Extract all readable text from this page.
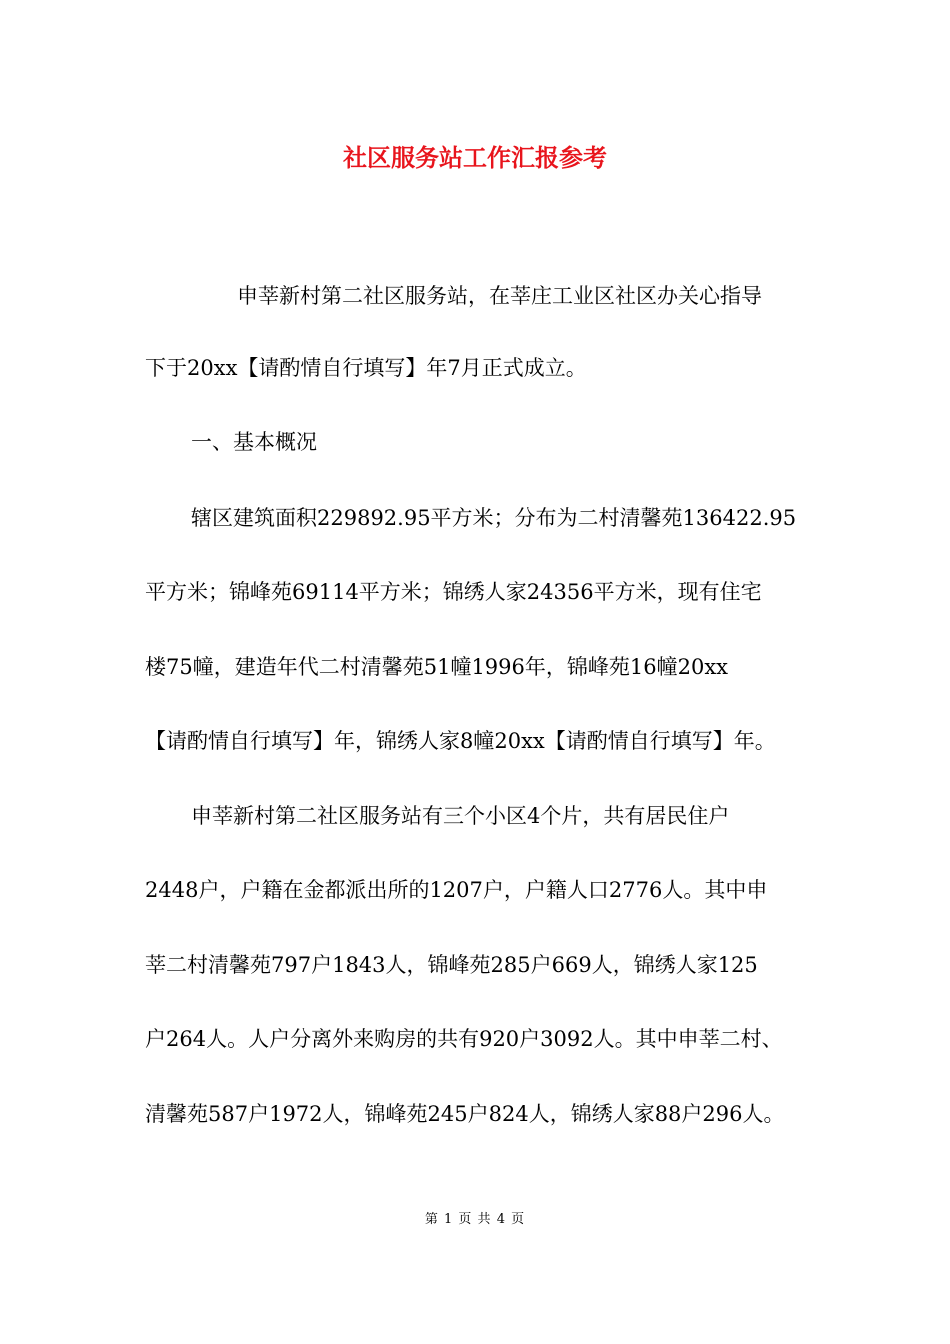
社区服务站工作汇报参考
申莘新村第二社区服务站，在莘庄工业区社区办关心指导
下于20xx【请酌情自行填写】年7月正式成立。
一、基本概况
辖区建筑面积229892.95平方米；分布为二村清馨苑136422.95
平方米；锦峰苑69114平方米；锦绣人家24356平方米，现有住宅
楼75幢，建造年代二村清馨苑51幢1996年，锦峰苑16幢20xx
【请酌情自行填写】年，锦绣人家8幢20xx【请酌情自行填写】年。
申莘新村第二社区服务站有三个小区4个片，共有居民住户
2448户，户籍在金都派出所的1207户，户籍人口2776人。其中申
莘二村清馨苑797户1843人，锦峰苑285户669人，锦绣人家125
户264人。人户分离外来购房的共有920户3092人。其中申莘二村、
清馨苑587户1972人，锦峰苑245户824人，锦绣人家88户296人。
第 1 页 共 4 页
